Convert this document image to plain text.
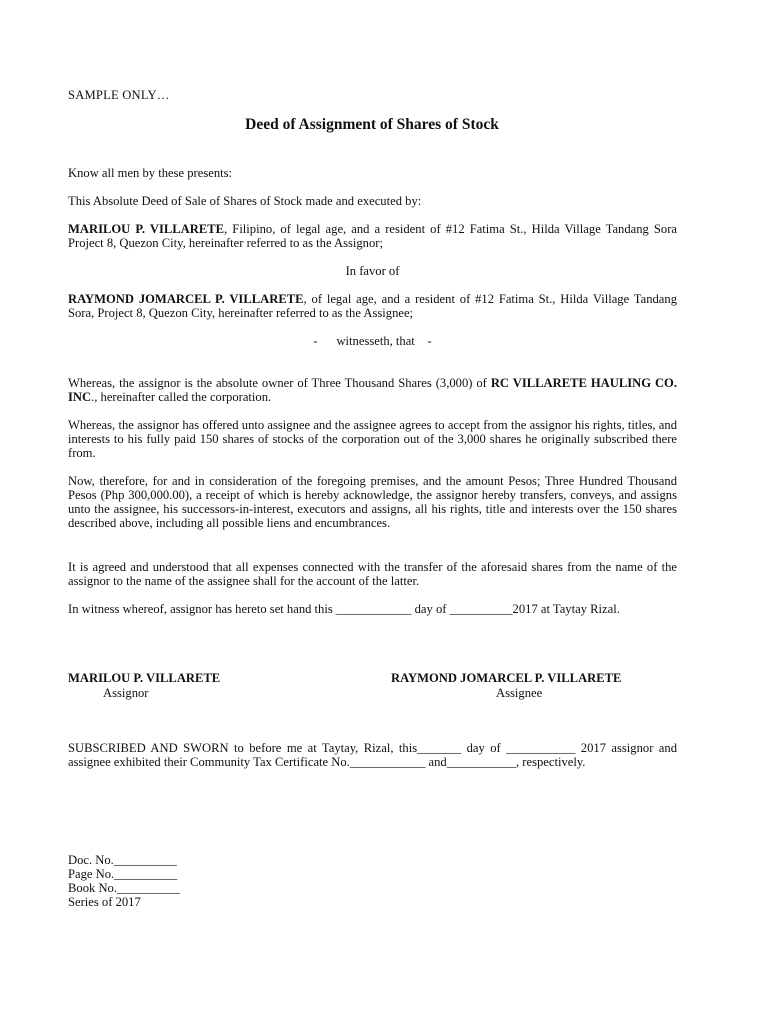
SAMPLE ONLY…
Deed of Assignment of Shares of Stock
Know all men by these presents:
This Absolute Deed of Sale of Shares of Stock made and executed by:
MARILOU P. VILLARETE, Filipino, of legal age, and a resident of #12 Fatima St., Hilda Village Tandang Sora Project 8, Quezon City, hereinafter referred to as the Assignor;
In favor of
RAYMOND JOMARCEL P. VILLARETE, of legal age, and a resident of #12 Fatima St., Hilda Village Tandang Sora, Project 8, Quezon City, hereinafter referred to as the Assignee;
-      witnesseth, that    -
Whereas, the assignor is the absolute owner of Three Thousand Shares (3,000) of RC VILLARETE HAULING CO. INC., hereinafter called the corporation.
Whereas, the assignor has offered unto assignee and the assignee agrees to accept from the assignor his rights, titles, and interests to his fully paid 150 shares of stocks of the corporation out of the 3,000 shares he originally subscribed there from.
Now, therefore, for and in consideration of the foregoing premises, and the amount Pesos; Three Hundred Thousand Pesos (Php 300,000.00), a receipt of which is hereby acknowledge, the assignor hereby transfers, conveys, and assigns unto the assignee, his successors-in-interest, executors and assigns, all his rights, title and interests over the 150 shares described above, including all possible liens and encumbrances.
It is agreed and understood that all expenses connected with the transfer of the aforesaid shares from the name of the assignor to the name of the assignee shall for the account of the latter.
In witness whereof, assignor has hereto set hand this ____________ day of __________2017 at Taytay Rizal.
MARILOU P. VILLARETE
Assignor
RAYMOND JOMARCEL P. VILLARETE
Assignee
SUBSCRIBED AND SWORN to before me at Taytay, Rizal, this_______ day of ___________ 2017 assignor and assignee exhibited their Community Tax Certificate No.____________ and___________, respectively.
Doc. No.__________
Page No.__________
Book No.__________
Series of 2017
